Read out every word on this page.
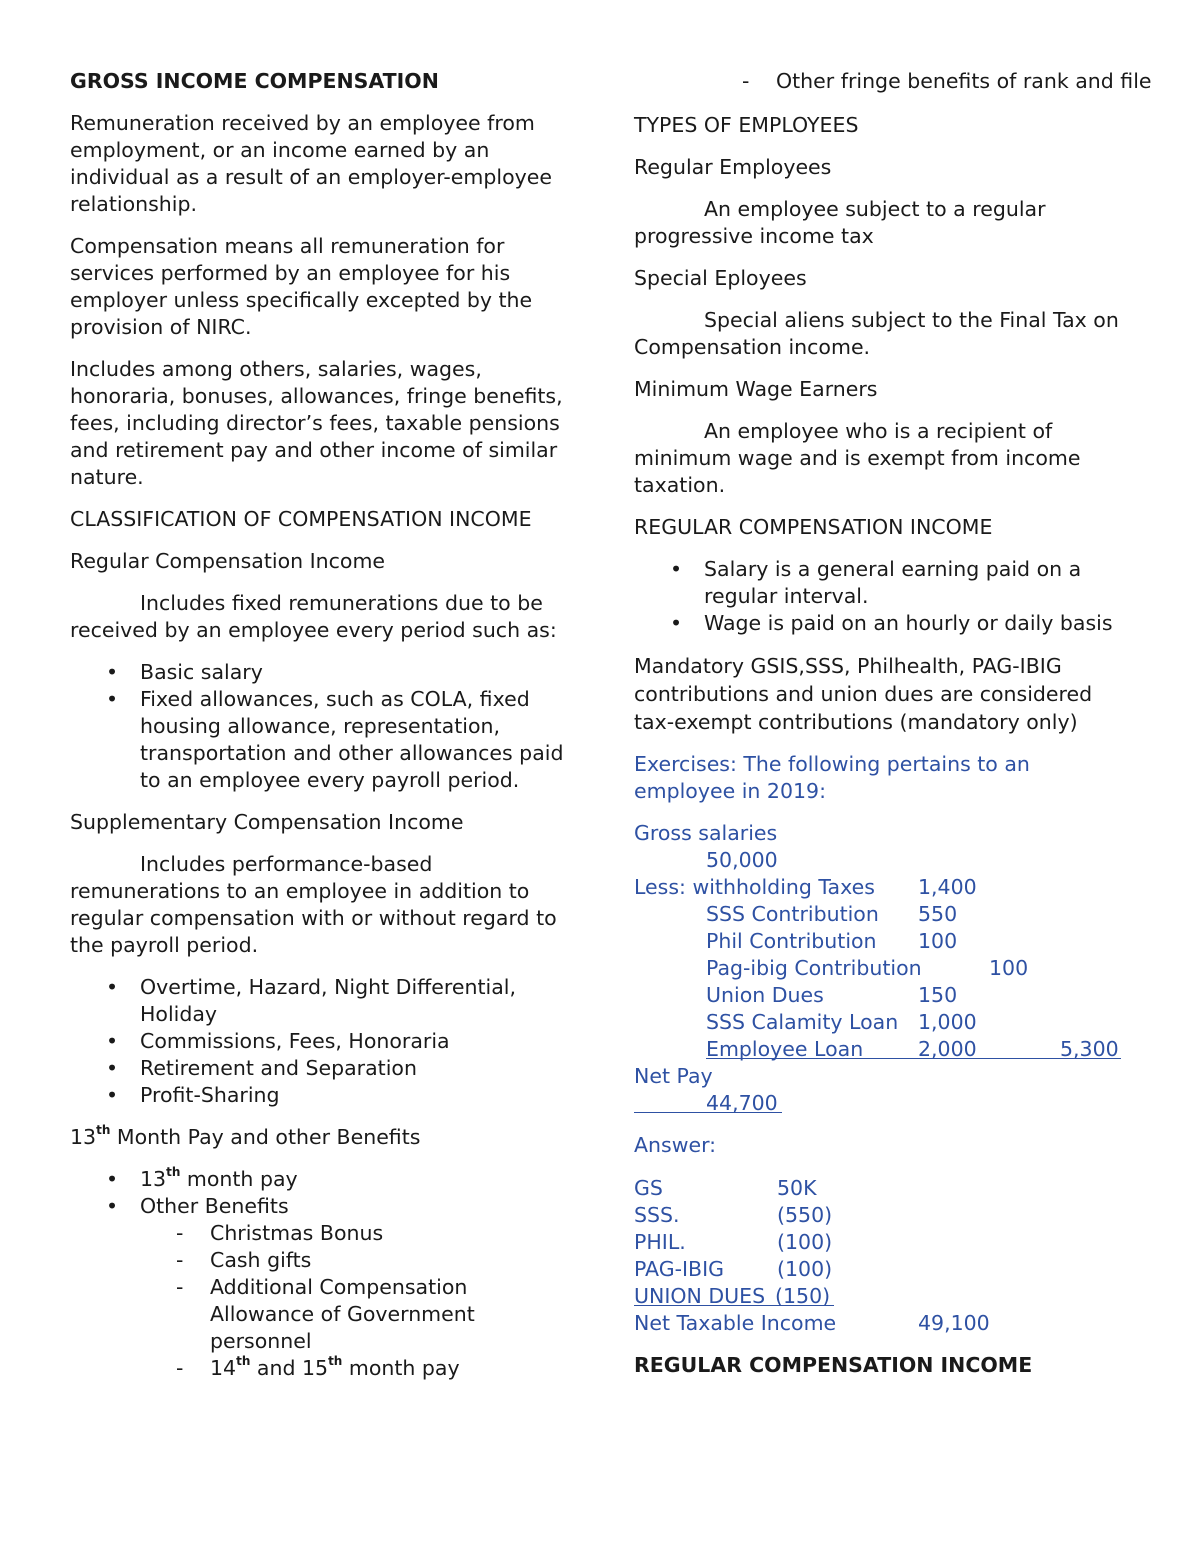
GROSS INCOME COMPENSATION

Remuneration received by an employee from employment, or an income earned by an individual as a result of an employer-employee relationship.

Compensation means all remuneration for services performed by an employee for his employer unless specifically excepted by the provision of NIRC.

Includes among others, salaries, wages, honoraria, bonuses, allowances, fringe benefits, fees, including director’s fees, taxable pensions and retirement pay and other income of similar nature.

CLASSIFICATION OF COMPENSATION INCOME

Regular Compensation Income

Includes fixed remunerations due to be received by an employee every period such as:

• Basic salary
• Fixed allowances, such as COLA, fixed housing allowance, representation, transportation and other allowances paid to an employee every payroll period.

Supplementary Compensation Income

Includes performance-based remunerations to an employee in addition to regular compensation with or without regard to the payroll period.

• Overtime, Hazard, Night Differential, Holiday
• Commissions, Fees, Honoraria
• Retirement and Separation
• Profit-Sharing

13th Month Pay and other Benefits

• 13th month pay
• Other Benefits
- Christmas Bonus
- Cash gifts
- Additional Compensation Allowance of Government personnel
- 14th and 15th month pay
- Other fringe benefits of rank and file

TYPES OF EMPLOYEES

Regular Employees

An employee subject to a regular progressive income tax

Special Eployees

Special aliens subject to the Final Tax on Compensation income.

Minimum Wage Earners

An employee who is a recipient of minimum wage and is exempt from income taxation.

REGULAR COMPENSATION INCOME

• Salary is a general earning paid on a regular interval.
• Wage is paid on an hourly or daily basis

Mandatory GSIS,SSS, Philhealth, PAG-IBIG contributions and union dues are considered tax-exempt contributions (mandatory only)

Exercises: The following pertains to an employee in 2019:

Gross salaries
50,000
Less: withholding Taxes 1,400
SSS Contribution 550
Phil Contribution 100
Pag-ibig Contribution	100
Union Dues	150
SSS Calamity Loan 1,000
Employee Loan	2,000	5,300
Net Pay
44,700

Answer:

GS	50K
SSS.	(550)
PHIL.	(100)
PAG-IBIG	(100)
UNION DUES (150)
Net Taxable Income	49,100

REGULAR COMPENSATION INCOME
